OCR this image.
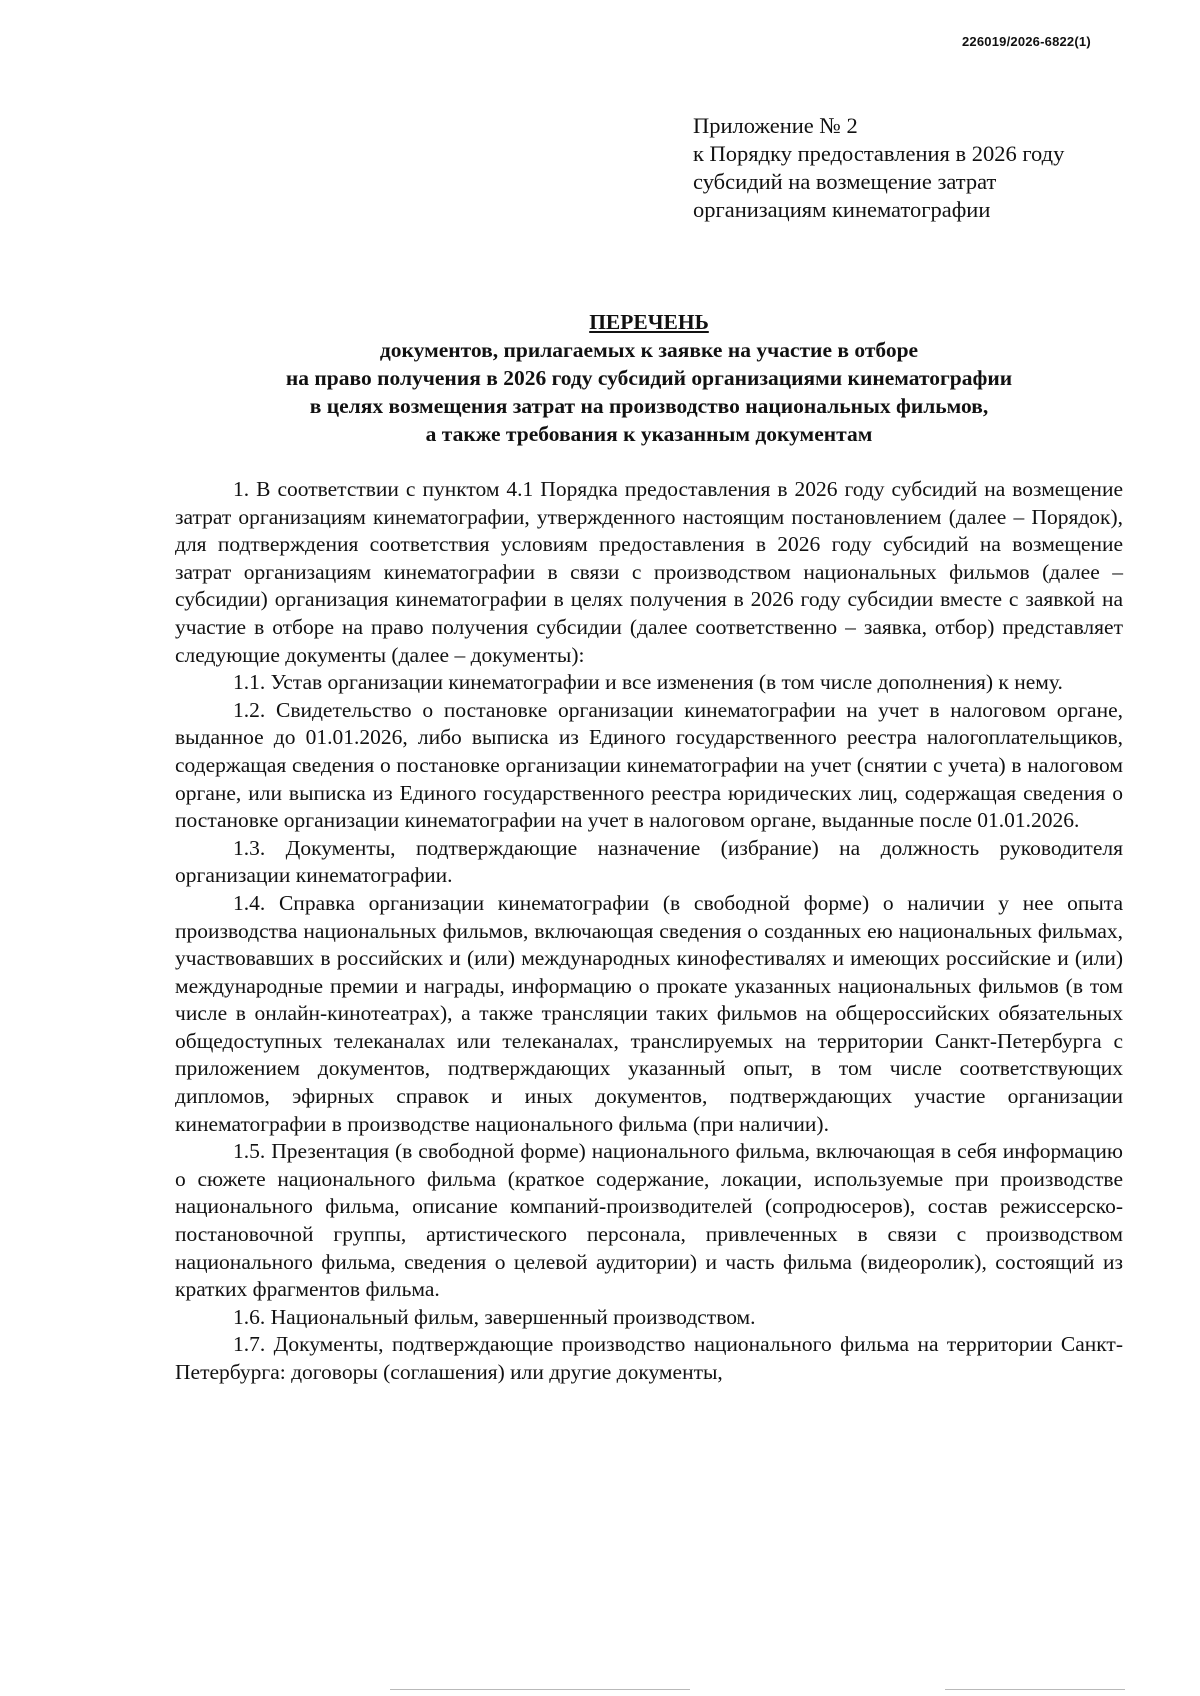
226019/2026-6822(1)
Приложение № 2
к Порядку предоставления в 2026 году
субсидий на возмещение затрат
организациям кинематографии
ПЕРЕЧЕНЬ
документов, прилагаемых к заявке на участие в отборе
на право получения в 2026 году субсидий организациями кинематографии
в целях возмещения затрат на производство национальных фильмов,
а также требования к указанным документам

1. В соответствии с пунктом 4.1 Порядка предоставления в 2026 году субсидий на возмещение затрат организациям кинематографии, утвержденного настоящим постановлением (далее – Порядок), для подтверждения соответствия условиям предоставления в 2026 году субсидий на возмещение затрат организациям кинематографии в связи с производством национальных фильмов (далее – субсидии) организация кинематографии в целях получения в 2026 году субсидии вместе с заявкой на участие в отборе на право получения субсидии (далее соответственно – заявка, отбор) представляет следующие документы (далее – документы):

1.1. Устав организации кинематографии и все изменения (в том числе дополнения) к нему.

1.2. Свидетельство о постановке организации кинематографии на учет в налоговом органе, выданное до 01.01.2026, либо выписка из Единого государственного реестра налогоплательщиков, содержащая сведения о постановке организации кинематографии на учет (снятии с учета) в налоговом органе, или выписка из Единого государственного реестра юридических лиц, содержащая сведения о постановке организации кинематографии на учет в налоговом органе, выданные после 01.01.2026.

1.3. Документы, подтверждающие назначение (избрание) на должность руководителя организации кинематографии.

1.4. Справка организации кинематографии (в свободной форме) о наличии у нее опыта производства национальных фильмов, включающая сведения о созданных ею национальных фильмах, участвовавших в российских и (или) международных кинофестивалях и имеющих российские и (или) международные премии и награды, информацию о прокате указанных национальных фильмов (в том числе в онлайн-кинотеатрах), а также трансляции таких фильмов на общероссийских обязательных общедоступных телеканалах или телеканалах, транслируемых на территории Санкт-Петербурга с приложением документов, подтверждающих указанный опыт, в том числе соответствующих дипломов, эфирных справок и иных документов, подтверждающих участие организации кинематографии в производстве национального фильма (при наличии).

1.5. Презентация (в свободной форме) национального фильма, включающая в себя информацию о сюжете национального фильма (краткое содержание, локации, используемые при производстве национального фильма, описание компаний-производителей (сопродюсеров), состав режиссерско-постановочной группы, артистического персонала, привлеченных в связи с производством национального фильма, сведения о целевой аудитории) и часть фильма (видеоролик), состоящий из кратких фрагментов фильма.

1.6. Национальный фильм, завершенный производством.

1.7. Документы, подтверждающие производство национального фильма на территории Санкт-Петербурга: договоры (соглашения) или другие документы,
